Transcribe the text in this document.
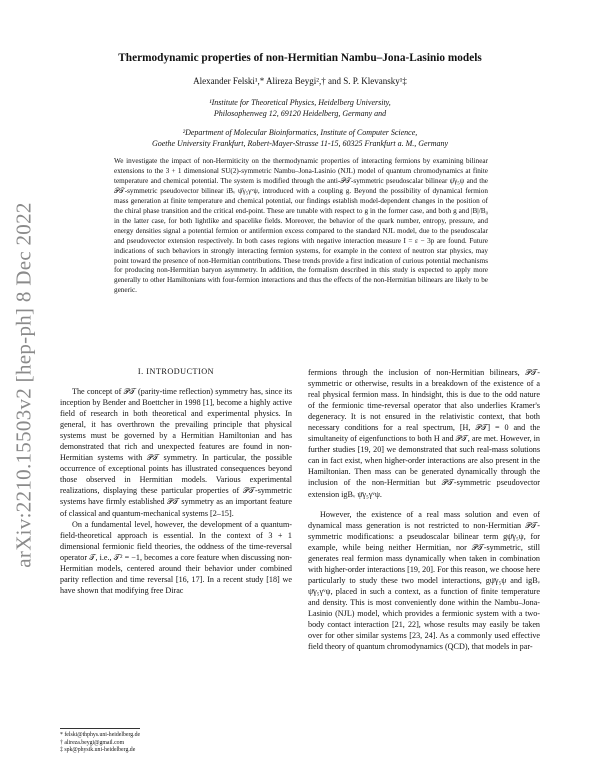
arXiv:2210.15503v2 [hep-ph] 8 Dec 2022
Thermodynamic properties of non-Hermitian Nambu–Jona-Lasinio models
Alexander Felski¹,* Alireza Beygi²,† and S. P. Klevansky¹‡
¹Institute for Theoretical Physics, Heidelberg University,
Philosophenweg 12, 69120 Heidelberg, Germany and
²Department of Molecular Bioinformatics, Institute of Computer Science,
Goethe University Frankfurt, Robert-Mayer-Strasse 11-15, 60325 Frankfurt a. M., Germany
We investigate the impact of non-Hermiticity on the thermodynamic properties of interacting fermions by examining bilinear extensions to the 3 + 1 dimensional SU(2)-symmetric Nambu–Jona-Lasinio (NJL) model of quantum chromodynamics at finite temperature and chemical potential. The system is modified through the anti-𝒫𝒯-symmetric pseudoscalar bilinear ψ̄γ₅ψ and the 𝒫𝒯-symmetric pseudovector bilinear iBᵥ ψ̄γ₅γᵛψ, introduced with a coupling g. Beyond the possibility of dynamical fermion mass generation at finite temperature and chemical potential, our findings establish model-dependent changes in the position of the chiral phase transition and the critical end-point. These are tunable with respect to g in the former case, and both g and |B|/B₀ in the latter case, for both lightlike and spacelike fields. Moreover, the behavior of the quark number, entropy, pressure, and energy densities signal a potential fermion or antifermion excess compared to the standard NJL model, due to the pseudoscalar and pseudovector extension respectively. In both cases regions with negative interaction measure I = ε − 3p are found. Future indications of such behaviors in strongly interacting fermion systems, for example in the context of neutron star physics, may point toward the presence of non-Hermitian contributions. These trends provide a first indication of curious potential mechanisms for producing non-Hermitian baryon asymmetry. In addition, the formalism described in this study is expected to apply more generally to other Hamiltonians with four-fermion interactions and thus the effects of the non-Hermitian bilinears are likely to be generic.
I. INTRODUCTION

The concept of 𝒫𝒯 (parity-time reflection) symmetry has, since its inception by Bender and Boettcher in 1998 [1], become a highly active field of research in both theoretical and experimental physics. In general, it has overthrown the prevailing principle that physical systems must be governed by a Hermitian Hamiltonian and has demonstrated that rich and unexpected features are found in non-Hermitian systems with 𝒫𝒯 symmetry. In particular, the possible occurrence of exceptional points has illustrated consequences beyond those observed in Hermitian models. Various experimental realizations, displaying these particular properties of 𝒫𝒯-symmetric systems have firmly established 𝒫𝒯 symmetry as an important feature of classical and quantum-mechanical systems [2–15].

On a fundamental level, however, the development of a quantum-field-theoretical approach is essential. In the context of 3 + 1 dimensional fermionic field theories, the oddness of the time-reversal operator 𝒯, i.e., 𝒯² = −1, becomes a core feature when discussing non-Hermitian models, centered around their behavior under combined parity reflection and time reversal [16, 17]. In a recent study [18] we have shown that modifying free Dirac

fermions through the inclusion of non-Hermitian bilinears, 𝒫𝒯-symmetric or otherwise, results in a breakdown of the existence of a real physical fermion mass. In hindsight, this is due to the odd nature of the fermionic time-reversal operator that also underlies Kramer's degeneracy. It is not ensured in the relativistic context, that both necessary conditions for a real spectrum, [H, 𝒫𝒯] = 0 and the simultaneity of eigenfunctions to both H and 𝒫𝒯, are met. However, in further studies [19, 20] we demonstrated that such real-mass solutions can in fact exist, when higher-order interactions are also present in the Hamiltonian. Then mass can be generated dynamically through the inclusion of the non-Hermitian but 𝒫𝒯-symmetric pseudovector extension igBᵥ ψ̄γ₅γᵛψ.

However, the existence of a real mass solution and even of dynamical mass generation is not restricted to non-Hermitian 𝒫𝒯-symmetric modifications: a pseudoscalar bilinear term gψ̄γ₅ψ, for example, while being neither Hermitian, nor 𝒫𝒯-symmetric, still generates real fermion mass dynamically when taken in combination with higher-order interactions [19, 20]. For this reason, we choose here particularly to study these two model interactions, gψ̄γ₅ψ and igBᵥ ψ̄γ₅γᵛψ, placed in such a context, as a function of finite temperature and density. This is most conveniently done within the Nambu–Jona-Lasinio (NJL) model, which provides a fermionic system with a two-body contact interaction [21, 22], whose results may easily be taken over for other similar systems [23, 24]. As a commonly used effective field theory of quantum chromodynamics (QCD), that models in par-

* felski@thphys.uni-heidelberg.de
† alireza.beygi@gmail.com
‡ spk@physik.uni-heidelberg.de
